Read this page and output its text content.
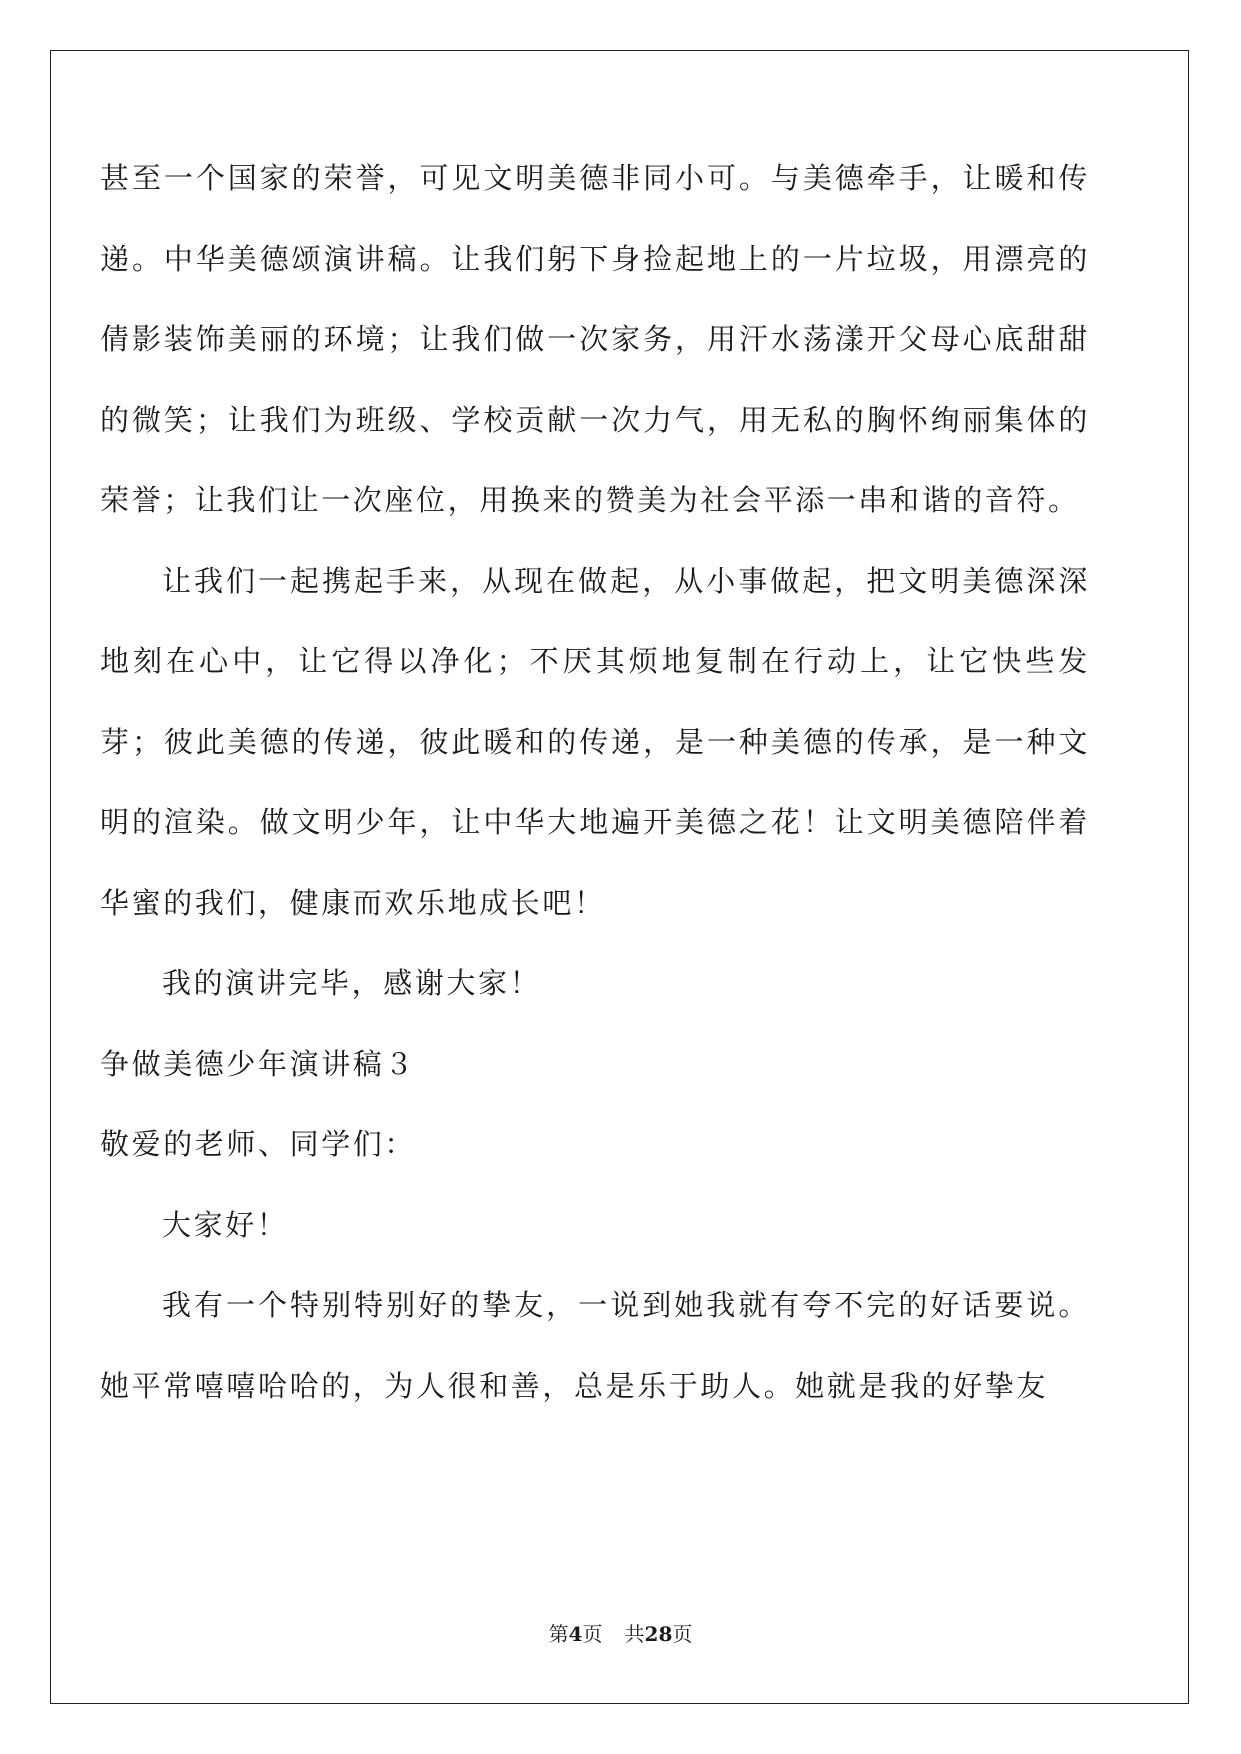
甚至一个国家的荣誉，可见文明美德非同小可。与美德牵手，让暖和传递。中华美德颂演讲稿。让我们躬下身捡起地上的一片垃圾，用漂亮的倩影装饰美丽的环境；让我们做一次家务，用汗水荡漾开父母心底甜甜的微笑；让我们为班级、学校贡献一次力气，用无私的胸怀绚丽集体的荣誉；让我们让一次座位，用换来的赞美为社会平添一串和谐的音符。

让我们一起携起手来，从现在做起，从小事做起，把文明美德深深地刻在心中，让它得以净化；不厌其烦地复制在行动上，让它快些发芽；彼此美德的传递，彼此暖和的传递，是一种美德的传承，是一种文明的渲染。做文明少年，让中华大地遍开美德之花！让文明美德陪伴着华蜜的我们，健康而欢乐地成长吧！

我的演讲完毕，感谢大家！

争做美德少年演讲稿３

敬爱的老师、同学们：

大家好！

我有一个特别特别好的挚友，一说到她我就有夸不完的好话要说。她平常嘻嘻哈哈的，为人很和善，总是乐于助人。她就是我的好挚友

第4页 共28页
